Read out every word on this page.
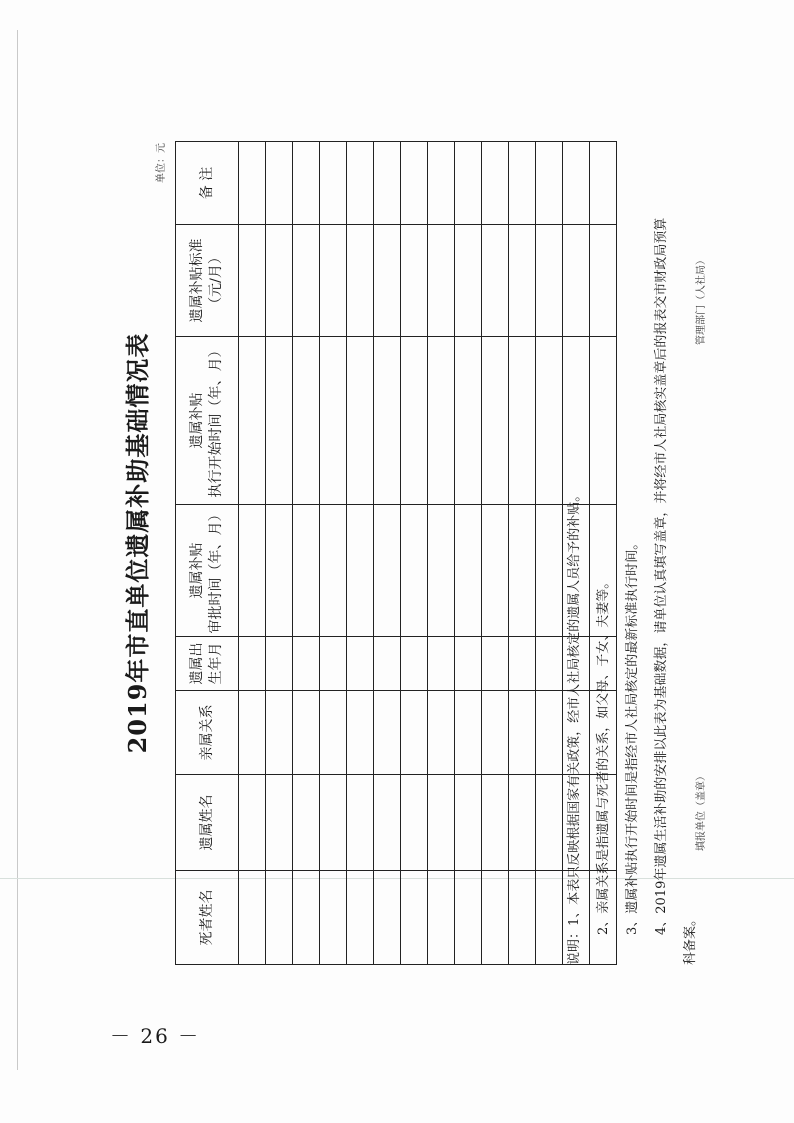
2019年市直单位遗属补助基础情况表
单位：元
死者姓名	遗属姓名	亲属关系	遗属出 生年月	遗属补贴 审批时间（年、月）	遗属补贴 执行开始时间（年、月）	遗属补贴标准 （元/月）	备 注

说明：1、本表只反映根据国家有关政策，经市人社局核定的遗属人员给予的补贴。	2、亲属关系是指遗属与死者的关系，如父母、子女、夫妻等。	3、遗属补贴执行开始时间是指经市人社局核定的最新标准执行时间。	4、2019年遗属生活补助的安排以此表为基础数据，请单位认真填写盖章，并将经市人社局核实盖章后的报表交市财政局预算
科备案。
填报单位（盖章）
管理部门（人社局）
－ 26 －
